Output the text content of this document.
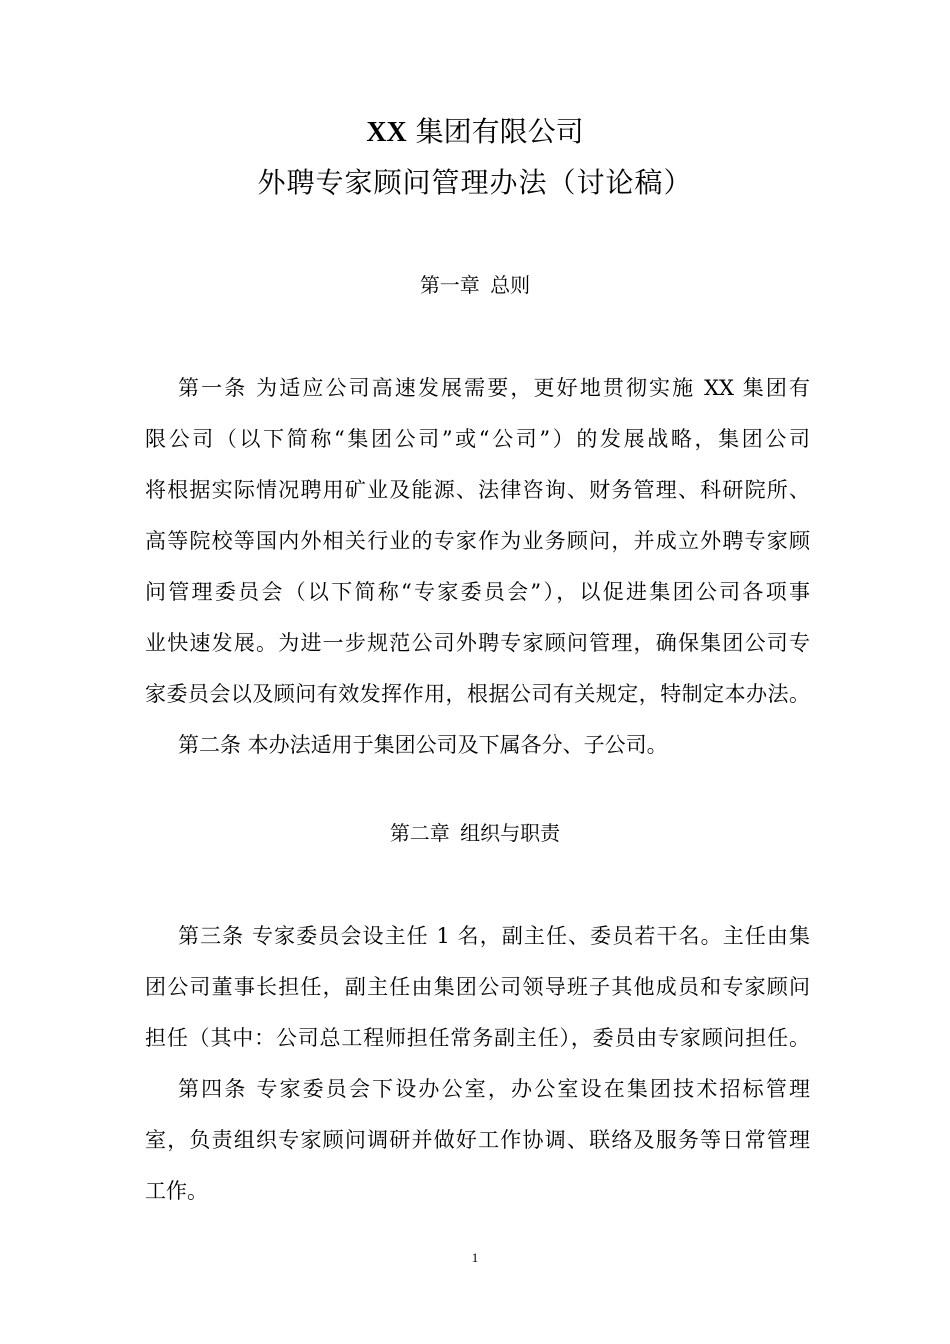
XX 集团有限公司
外聘专家顾问管理办法（讨论稿）
第一章 总则
第一条 为适应公司高速发展需要，更好地贯彻实施 XX 集团有
限公司（以下简称“集团公司”或“公司”）的发展战略，集团公司
将根据实际情况聘用矿业及能源、法律咨询、财务管理、科研院所、
高等院校等国内外相关行业的专家作为业务顾问，并成立外聘专家顾
问管理委员会（以下简称“专家委员会”），以促进集团公司各项事
业快速发展。为进一步规范公司外聘专家顾问管理，确保集团公司专
家委员会以及顾问有效发挥作用，根据公司有关规定，特制定本办法。
第二条 本办法适用于集团公司及下属各分、子公司。
第二章 组织与职责
第三条 专家委员会设主任 1 名，副主任、委员若干名。主任由集
团公司董事长担任，副主任由集团公司领导班子其他成员和专家顾问
担任（其中：公司总工程师担任常务副主任），委员由专家顾问担任。
第四条 专家委员会下设办公室，办公室设在集团技术招标管理
室，负责组织专家顾问调研并做好工作协调、联络及服务等日常管理
工作。
1
